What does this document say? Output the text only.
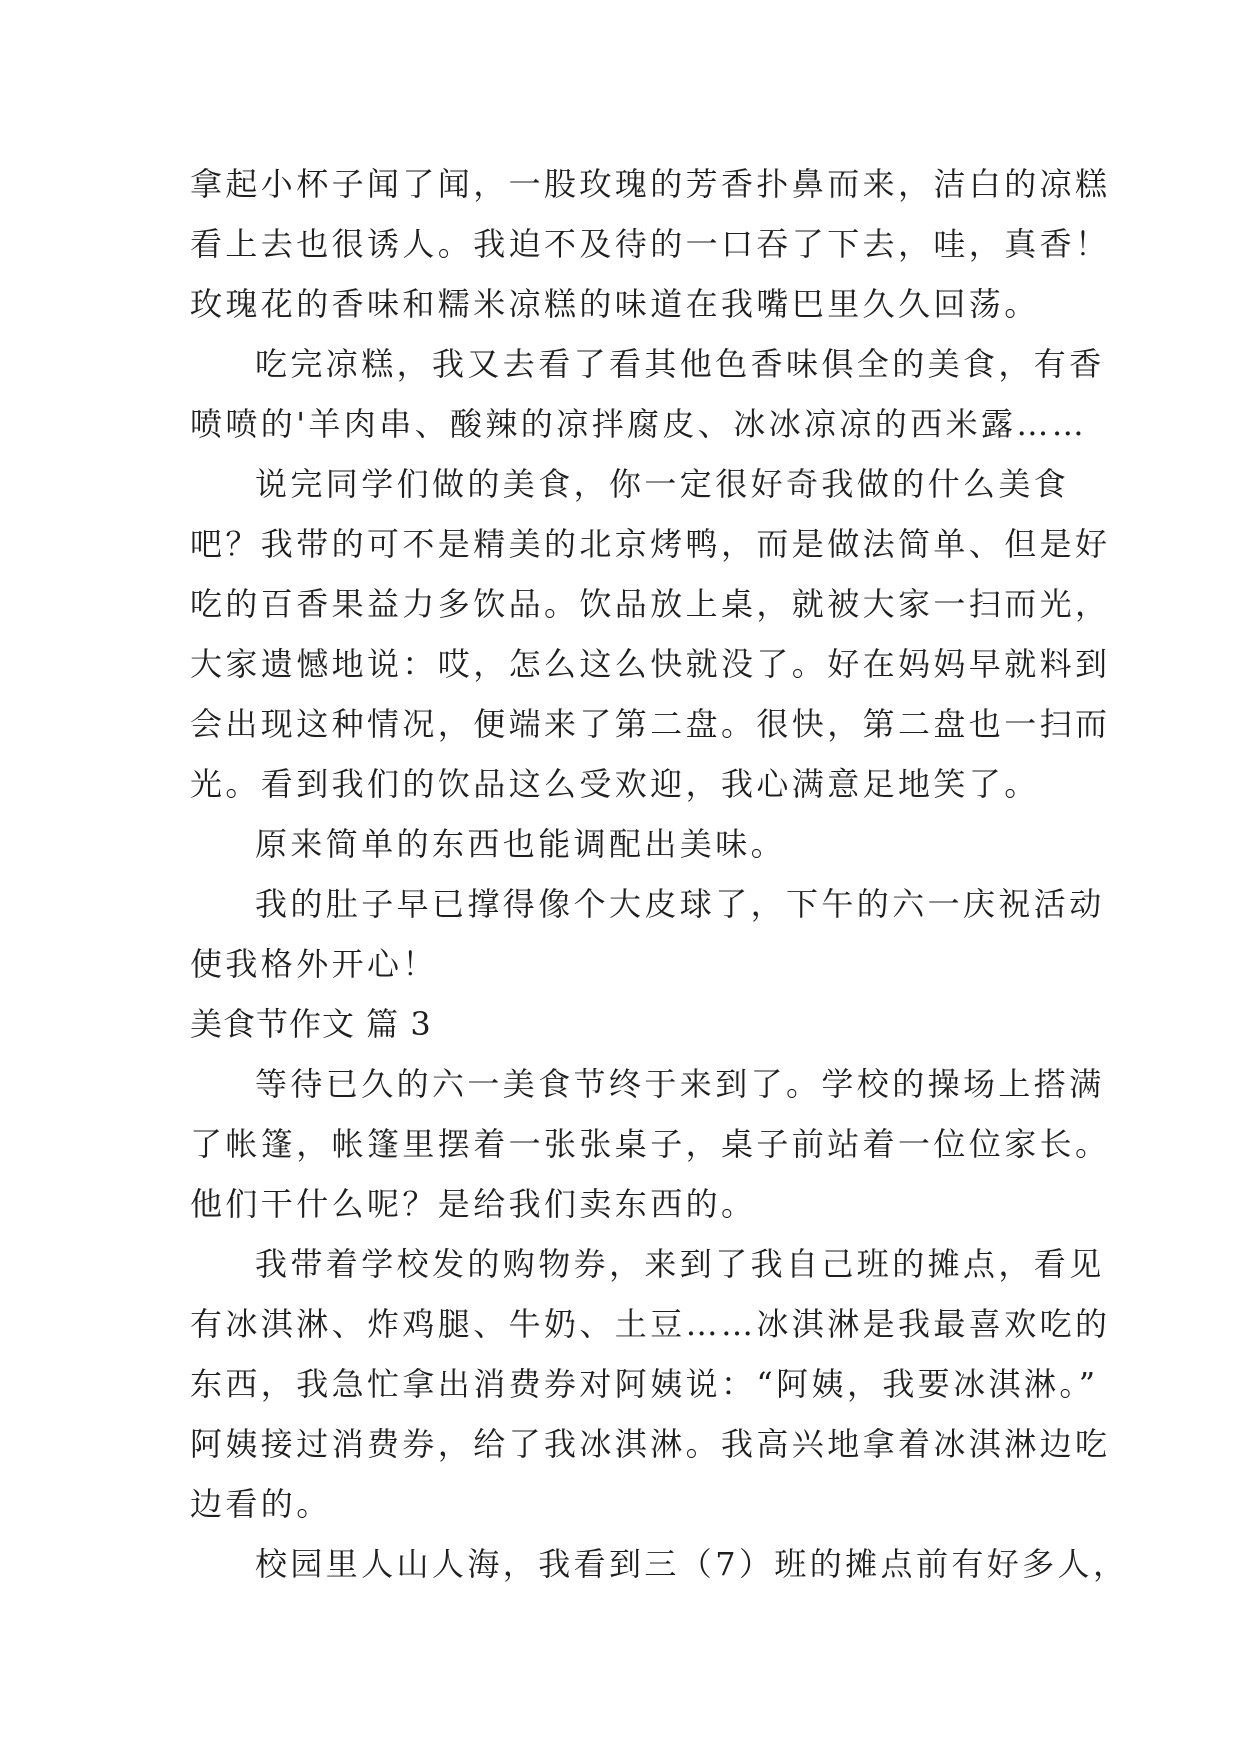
拿起小杯子闻了闻，一股玫瑰的芳香扑鼻而来，洁白的凉糕
看上去也很诱人。我迫不及待的一口吞了下去，哇，真香！
玫瑰花的香味和糯米凉糕的味道在我嘴巴里久久回荡。
吃完凉糕，我又去看了看其他色香味俱全的美食，有香
喷喷的'羊肉串、酸辣的凉拌腐皮、冰冰凉凉的西米露……
说完同学们做的美食，你一定很好奇我做的什么美食
吧？我带的可不是精美的北京烤鸭，而是做法简单、但是好
吃的百香果益力多饮品。饮品放上桌，就被大家一扫而光，
大家遗憾地说：哎，怎么这么快就没了。好在妈妈早就料到
会出现这种情况，便端来了第二盘。很快，第二盘也一扫而
光。看到我们的饮品这么受欢迎，我心满意足地笑了。
原来简单的东西也能调配出美味。
我的肚子早已撑得像个大皮球了，下午的六一庆祝活动
使我格外开心！
美食节作文 篇 3
等待已久的六一美食节终于来到了。学校的操场上搭满
了帐篷，帐篷里摆着一张张桌子，桌子前站着一位位家长。
他们干什么呢？是给我们卖东西的。
我带着学校发的购物券，来到了我自己班的摊点，看见
有冰淇淋、炸鸡腿、牛奶、土豆……冰淇淋是我最喜欢吃的
东西，我急忙拿出消费券对阿姨说：“阿姨，我要冰淇淋。”
阿姨接过消费券，给了我冰淇淋。我高兴地拿着冰淇淋边吃
边看的。
校园里人山人海，我看到三（7）班的摊点前有好多人，
